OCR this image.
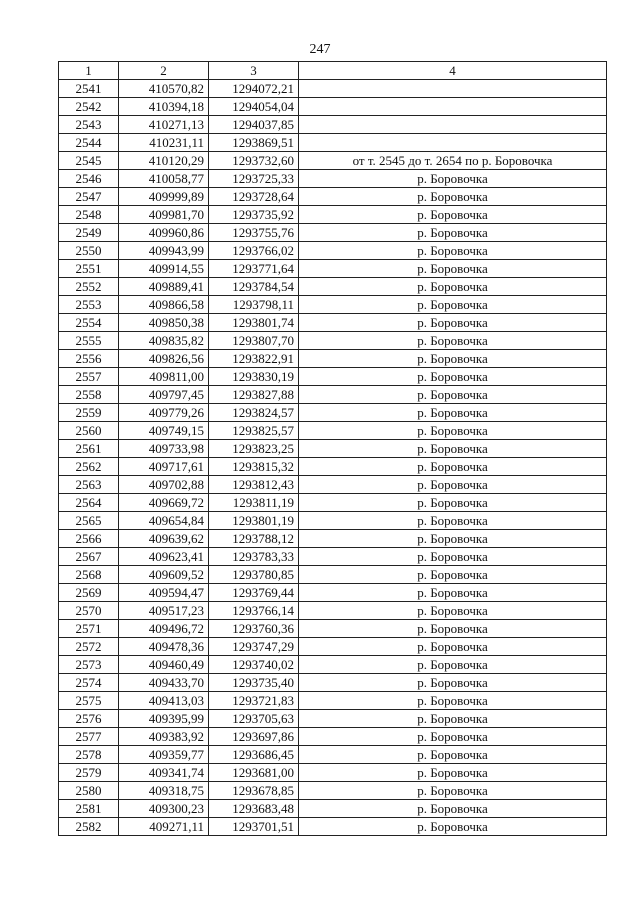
247
1	2	3	4
2541	410570,82	1294072,21	
2542	410394,18	1294054,04	
2543	410271,13	1294037,85	
2544	410231,11	1293869,51	
2545	410120,29	1293732,60	от т. 2545 до т. 2654 по р. Боровочка
2546	410058,77	1293725,33	р. Боровочка
2547	409999,89	1293728,64	р. Боровочка
2548	409981,70	1293735,92	р. Боровочка
2549	409960,86	1293755,76	р. Боровочка
2550	409943,99	1293766,02	р. Боровочка
2551	409914,55	1293771,64	р. Боровочка
2552	409889,41	1293784,54	р. Боровочка
2553	409866,58	1293798,11	р. Боровочка
2554	409850,38	1293801,74	р. Боровочка
2555	409835,82	1293807,70	р. Боровочка
2556	409826,56	1293822,91	р. Боровочка
2557	409811,00	1293830,19	р. Боровочка
2558	409797,45	1293827,88	р. Боровочка
2559	409779,26	1293824,57	р. Боровочка
2560	409749,15	1293825,57	р. Боровочка
2561	409733,98	1293823,25	р. Боровочка
2562	409717,61	1293815,32	р. Боровочка
2563	409702,88	1293812,43	р. Боровочка
2564	409669,72	1293811,19	р. Боровочка
2565	409654,84	1293801,19	р. Боровочка
2566	409639,62	1293788,12	р. Боровочка
2567	409623,41	1293783,33	р. Боровочка
2568	409609,52	1293780,85	р. Боровочка
2569	409594,47	1293769,44	р. Боровочка
2570	409517,23	1293766,14	р. Боровочка
2571	409496,72	1293760,36	р. Боровочка
2572	409478,36	1293747,29	р. Боровочка
2573	409460,49	1293740,02	р. Боровочка
2574	409433,70	1293735,40	р. Боровочка
2575	409413,03	1293721,83	р. Боровочка
2576	409395,99	1293705,63	р. Боровочка
2577	409383,92	1293697,86	р. Боровочка
2578	409359,77	1293686,45	р. Боровочка
2579	409341,74	1293681,00	р. Боровочка
2580	409318,75	1293678,85	р. Боровочка
2581	409300,23	1293683,48	р. Боровочка
2582	409271,11	1293701,51	р. Боровочка
